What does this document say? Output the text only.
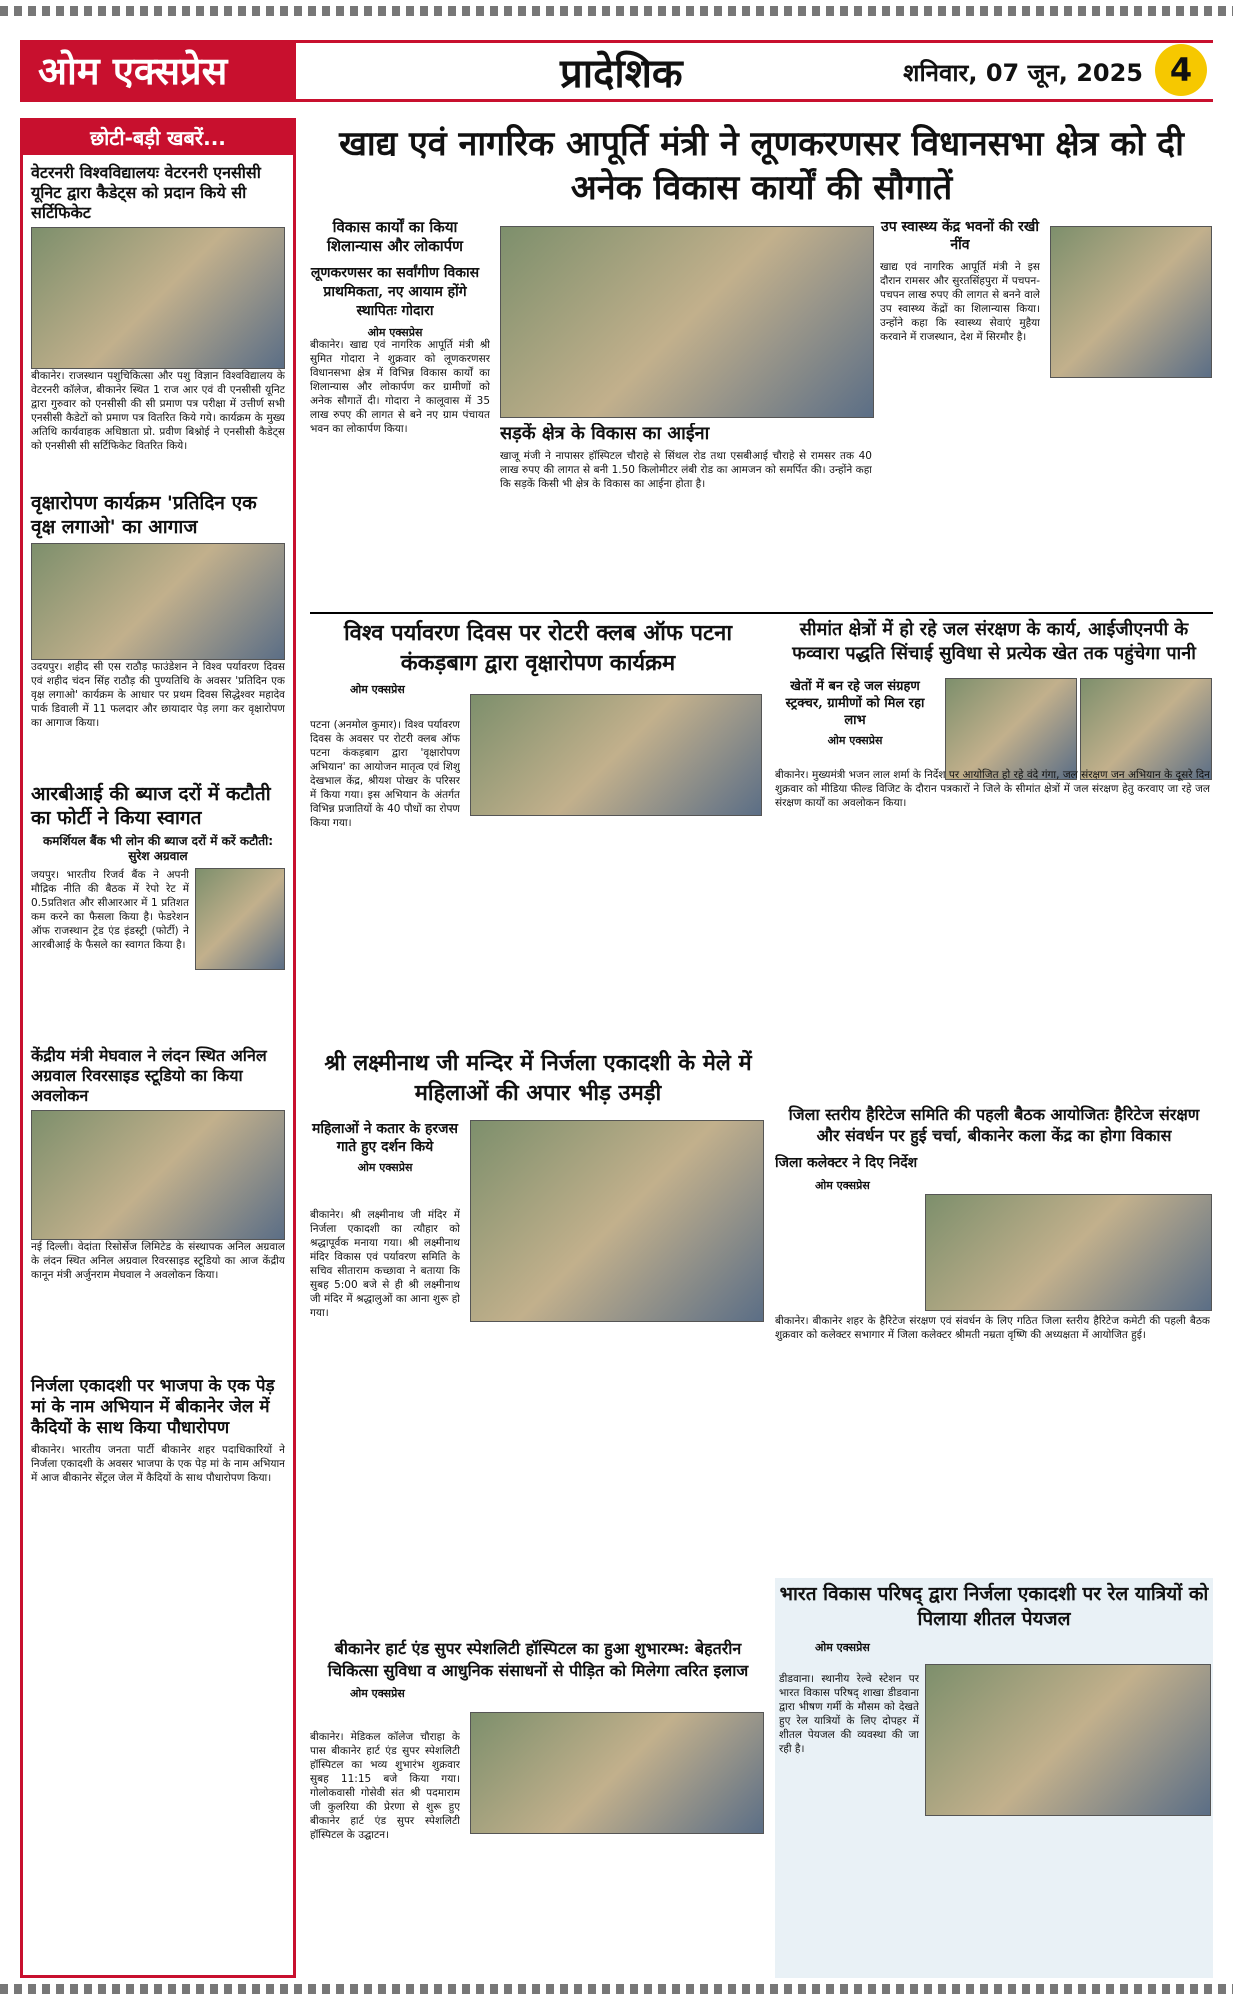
ओम एक्सप्रेस	प्रादेशिक	शनिवार, 07 जून, 2025 4
छोटी-बड़ी खबरें...
वेटरनरी विश्वविद्यालयः वेटरनरी एनसीसी यूनिट द्वारा कैडेट्स को प्रदान किये सी सर्टिफिकेट

बीकानेर। राजस्थान पशुचिकित्सा और पशु विज्ञान विश्वविद्यालय के वेटरनरी कॉलेज, बीकानेर स्थित 1 राज आर एवं वी एनसीसी यूनिट द्वारा गुरुवार को एनसीसी की सी प्रमाण पत्र परीक्षा में उत्तीर्ण सभी एनसीसी कैडेटों को प्रमाण पत्र वितरित किये गये। कार्यक्रम के मुख्य अतिथि कार्यवाहक अधिष्ठाता प्रो. प्रवीण बिश्नोई ने एनसीसी कैडेट्स को एनसीसी सी सर्टिफिकेट वितरित किये।

वृक्षारोपण कार्यक्रम 'प्रतिदिन एक वृक्ष लगाओ' का आगाज

उदयपुर। शहीद सी एस राठौड़ फाउंडेशन ने विश्व पर्यावरण दिवस एवं शहीद चंदन सिंह राठौड़ की पुण्यतिथि के अवसर 'प्रतिदिन एक वृक्ष लगाओ' कार्यक्रम के आधार पर प्रथम दिवस सिद्धेश्वर महादेव पार्क डिवाली में 11 फलदार और छायादार पेड़ लगा कर वृक्षारोपण का आगाज किया।

आरबीआई की ब्याज दरों में कटौती का फोर्टी ने किया स्वागत
कमर्शियल बैंक भी लोन की ब्याज दरों में करें कटौती: सुरेश अग्रवाल

जयपुर। भारतीय रिजर्व बैंक ने अपनी मौद्रिक नीति की बैठक में रेपो रेट में 0.5प्रतिशत और सीआरआर में 1 प्रतिशत कम करने का फैसला किया है। फेडरेशन ऑफ राजस्थान ट्रेड एंड इंडस्ट्री (फोर्टी) ने आरबीआई के फैसले का स्वागत किया है।

केंद्रीय मंत्री मेघवाल ने लंदन स्थित अनिल अग्रवाल रिवरसाइड स्टूडियो का किया अवलोकन

नई दिल्ली। वेदांता रिसोर्सेज लिमिटेड के संस्थापक अनिल अग्रवाल के लंदन स्थित अनिल अग्रवाल रिवरसाइड स्टूडियो का आज केंद्रीय कानून मंत्री अर्जुनराम मेघवाल ने अवलोकन किया।

निर्जला एकादशी पर भाजपा के एक पेड़ मां के नाम अभियान में बीकानेर जेल में कैदियों के साथ किया पौधारोपण

बीकानेर। भारतीय जनता पार्टी बीकानेर शहर पदाधिकारियों ने निर्जला एकादशी के अवसर भाजपा के एक पेड़ मां के नाम अभियान में आज बीकानेर सेंट्रल जेल में कैदियों के साथ पौधारोपण किया।

खाद्य एवं नागरिक आपूर्ति मंत्री ने लूणकरणसर विधानसभा क्षेत्र को दी अनेक विकास कार्यों की सौगातें
विकास कार्यों का किया शिलान्यास और लोकार्पण
लूणकरणसर का सर्वांगीण विकास प्राथमिकता, नए आयाम होंगे स्थापितः गोदारा
ओम एक्सप्रेस

बीकानेर। खाद्य एवं नागरिक आपूर्ति मंत्री श्री सुमित गोदारा ने शुक्रवार को लूणकरणसर विधानसभा क्षेत्र में विभिन्न विकास कार्यों का शिलान्यास और लोकार्पण कर ग्रामीणों को अनेक सौगातें दी। गोदारा ने कालूवास में 35 लाख रुपए की लागत से बने नए ग्राम पंचायत भवन का लोकार्पण किया।	सड़कें क्षेत्र के विकास का आईना

खाजू मंजी ने नापासर हॉस्पिटल चौराहे से सिंथल रोड तथा एसबीआई चौराहे से रामसर तक 40 लाख रुपए की लागत से बनी 1.50 किलोमीटर लंबी रोड का आमजन को समर्पित की। उन्होंने कहा कि सड़कें किसी भी क्षेत्र के विकास का आईना होता है।

उप स्वास्थ्य केंद्र भवनों की रखी नींव

खाद्य एवं नागरिक आपूर्ति मंत्री ने इस दौरान रामसर और सुरतसिंहपुरा में पचपन-पचपन लाख रुपए की लागत से बनने वाले उप स्वास्थ्य केंद्रों का शिलान्यास किया। उन्होंने कहा कि स्वास्थ्य सेवाएं मुहैया करवाने में राजस्थान, देश में सिरमौर है।

विश्व पर्यावरण दिवस पर रोटरी क्लब ऑफ पटना कंकड़बाग द्वारा वृक्षारोपण कार्यक्रम
ओम एक्सप्रेस

पटना (अनमोल कुमार)। विश्व पर्यावरण दिवस के अवसर पर रोटरी क्लब ऑफ पटना कंकड़बाग द्वारा 'वृक्षारोपण अभियान' का आयोजन मातृत्व एवं शिशु देखभाल केंद्र, श्रीयश पोखर के परिसर में किया गया। इस अभियान के अंतर्गत विभिन्न प्रजातियों के 40 पौधों का रोपण किया गया।

सीमांत क्षेत्रों में हो रहे जल संरक्षण के कार्य, आईजीएनपी के फव्वारा पद्धति सिंचाई सुविधा से प्रत्येक खेत तक पहुंचेगा पानी
खेतों में बन रहे जल संग्रहण स्ट्रक्चर, ग्रामीणों को मिल रहा लाभ
ओम एक्सप्रेस

बीकानेर। मुख्यमंत्री भजन लाल शर्मा के निर्देश पर आयोजित हो रहे वंदे गंगा, जल संरक्षण जन अभियान के दूसरे दिन शुक्रवार को मीडिया फील्ड विजिट के दौरान पत्रकारों ने जिले के सीमांत क्षेत्रों में जल संरक्षण हेतु करवाए जा रहे जल संरक्षण कार्यों का अवलोकन किया।

श्री लक्ष्मीनाथ जी मन्दिर में निर्जला एकादशी के मेले में महिलाओं की अपार भीड़ उमड़ी
महिलाओं ने कतार के हरजस गाते हुए दर्शन किये
ओम एक्सप्रेस

बीकानेर। श्री लक्ष्मीनाथ जी मंदिर में निर्जला एकादशी का त्यौहार को श्रद्धापूर्वक मनाया गया। श्री लक्ष्मीनाथ मंदिर विकास एवं पर्यावरण समिति के सचिव सीताराम कच्छावा ने बताया कि सुबह 5:00 बजे से ही श्री लक्ष्मीनाथ जी मंदिर में श्रद्धालुओं का आना शुरू हो गया।

जिला स्तरीय हैरिटेज समिति की पहली बैठक आयोजितः हैरिटेज संरक्षण और संवर्धन पर हुई चर्चा, बीकानेर कला केंद्र का होगा विकास
जिला कलेक्टर ने दिए निर्देश
ओम एक्सप्रेस

बीकानेर। बीकानेर शहर के हैरिटेज संरक्षण एवं संवर्धन के लिए गठित जिला स्तरीय हैरिटेज कमेटी की पहली बैठक शुक्रवार को कलेक्टर सभागार में जिला कलेक्टर श्रीमती नम्रता वृष्णि की अध्यक्षता में आयोजित हुई।

बीकानेर हार्ट एंड सुपर स्पेशलिटी हॉस्पिटल का हुआ शुभारम्भ: बेहतरीन चिकित्सा सुविधा व आधुनिक संसाधनों से पीड़ित को मिलेगा त्वरित इलाज
ओम एक्सप्रेस

बीकानेर। मेडिकल कॉलेज चौराहा के पास बीकानेर हार्ट एंड सुपर स्पेशलिटी हॉस्पिटल का भव्य शुभारंभ शुक्रवार सुबह 11:15 बजे किया गया। गोलोकवासी गोसेवी संत श्री पदमाराम जी कुलरिया की प्रेरणा से शुरू हुए बीकानेर हार्ट एंड सुपर स्पेशलिटी हॉस्पिटल के उद्घाटन।

भारत विकास परिषद् द्वारा निर्जला एकादशी पर रेल यात्रियों को पिलाया शीतल पेयजल
ओम एक्सप्रेस

डीडवाना। स्थानीय रेल्वे स्टेशन पर भारत विकास परिषद् शाखा डीडवाना द्वारा भीषण गर्मी के मौसम को देखते हुए रेल यात्रियों के लिए दोपहर में शीतल पेयजल की व्यवस्था की जा रही है।
